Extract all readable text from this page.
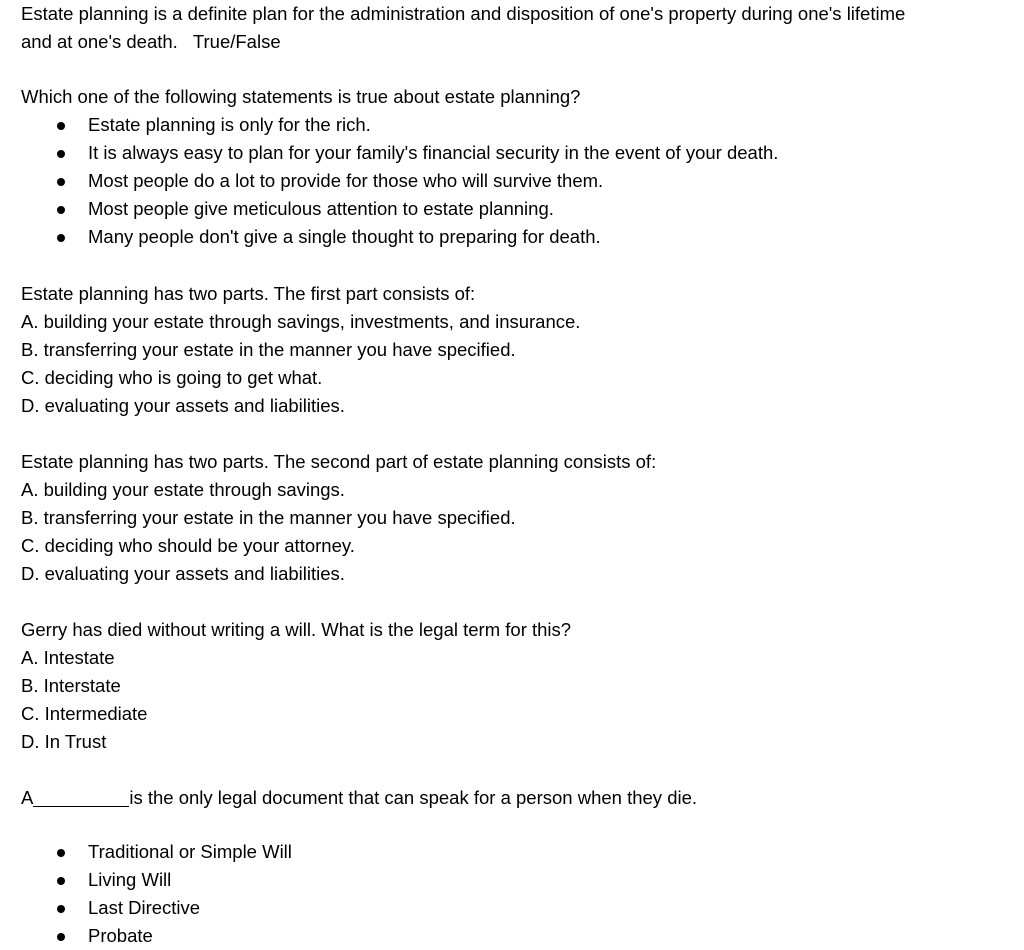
Estate planning is a definite plan for the administration and disposition of one's property during one's lifetime
and at one's death.   True/False
Which one of the following statements is true about estate planning?
Estate planning is only for the rich.
It is always easy to plan for your family's financial security in the event of your death.
Most people do a lot to provide for those who will survive them.
Most people give meticulous attention to estate planning.
Many people don't give a single thought to preparing for death.
Estate planning has two parts. The first part consists of:
A. building your estate through savings, investments, and insurance.
B. transferring your estate in the manner you have specified.
C. deciding who is going to get what.
D. evaluating your assets and liabilities.
Estate planning has two parts. The second part of estate planning consists of:
A. building your estate through savings.
B. transferring your estate in the manner you have specified.
C. deciding who should be your attorney.
D. evaluating your assets and liabilities.
Gerry has died without writing a will. What is the legal term for this?
A. Intestate
B. Interstate
C. Intermediate
D. In Trust
A	is the only legal document that can speak for a person when they die.
Traditional or Simple Will
Living Will
Last Directive
Probate
